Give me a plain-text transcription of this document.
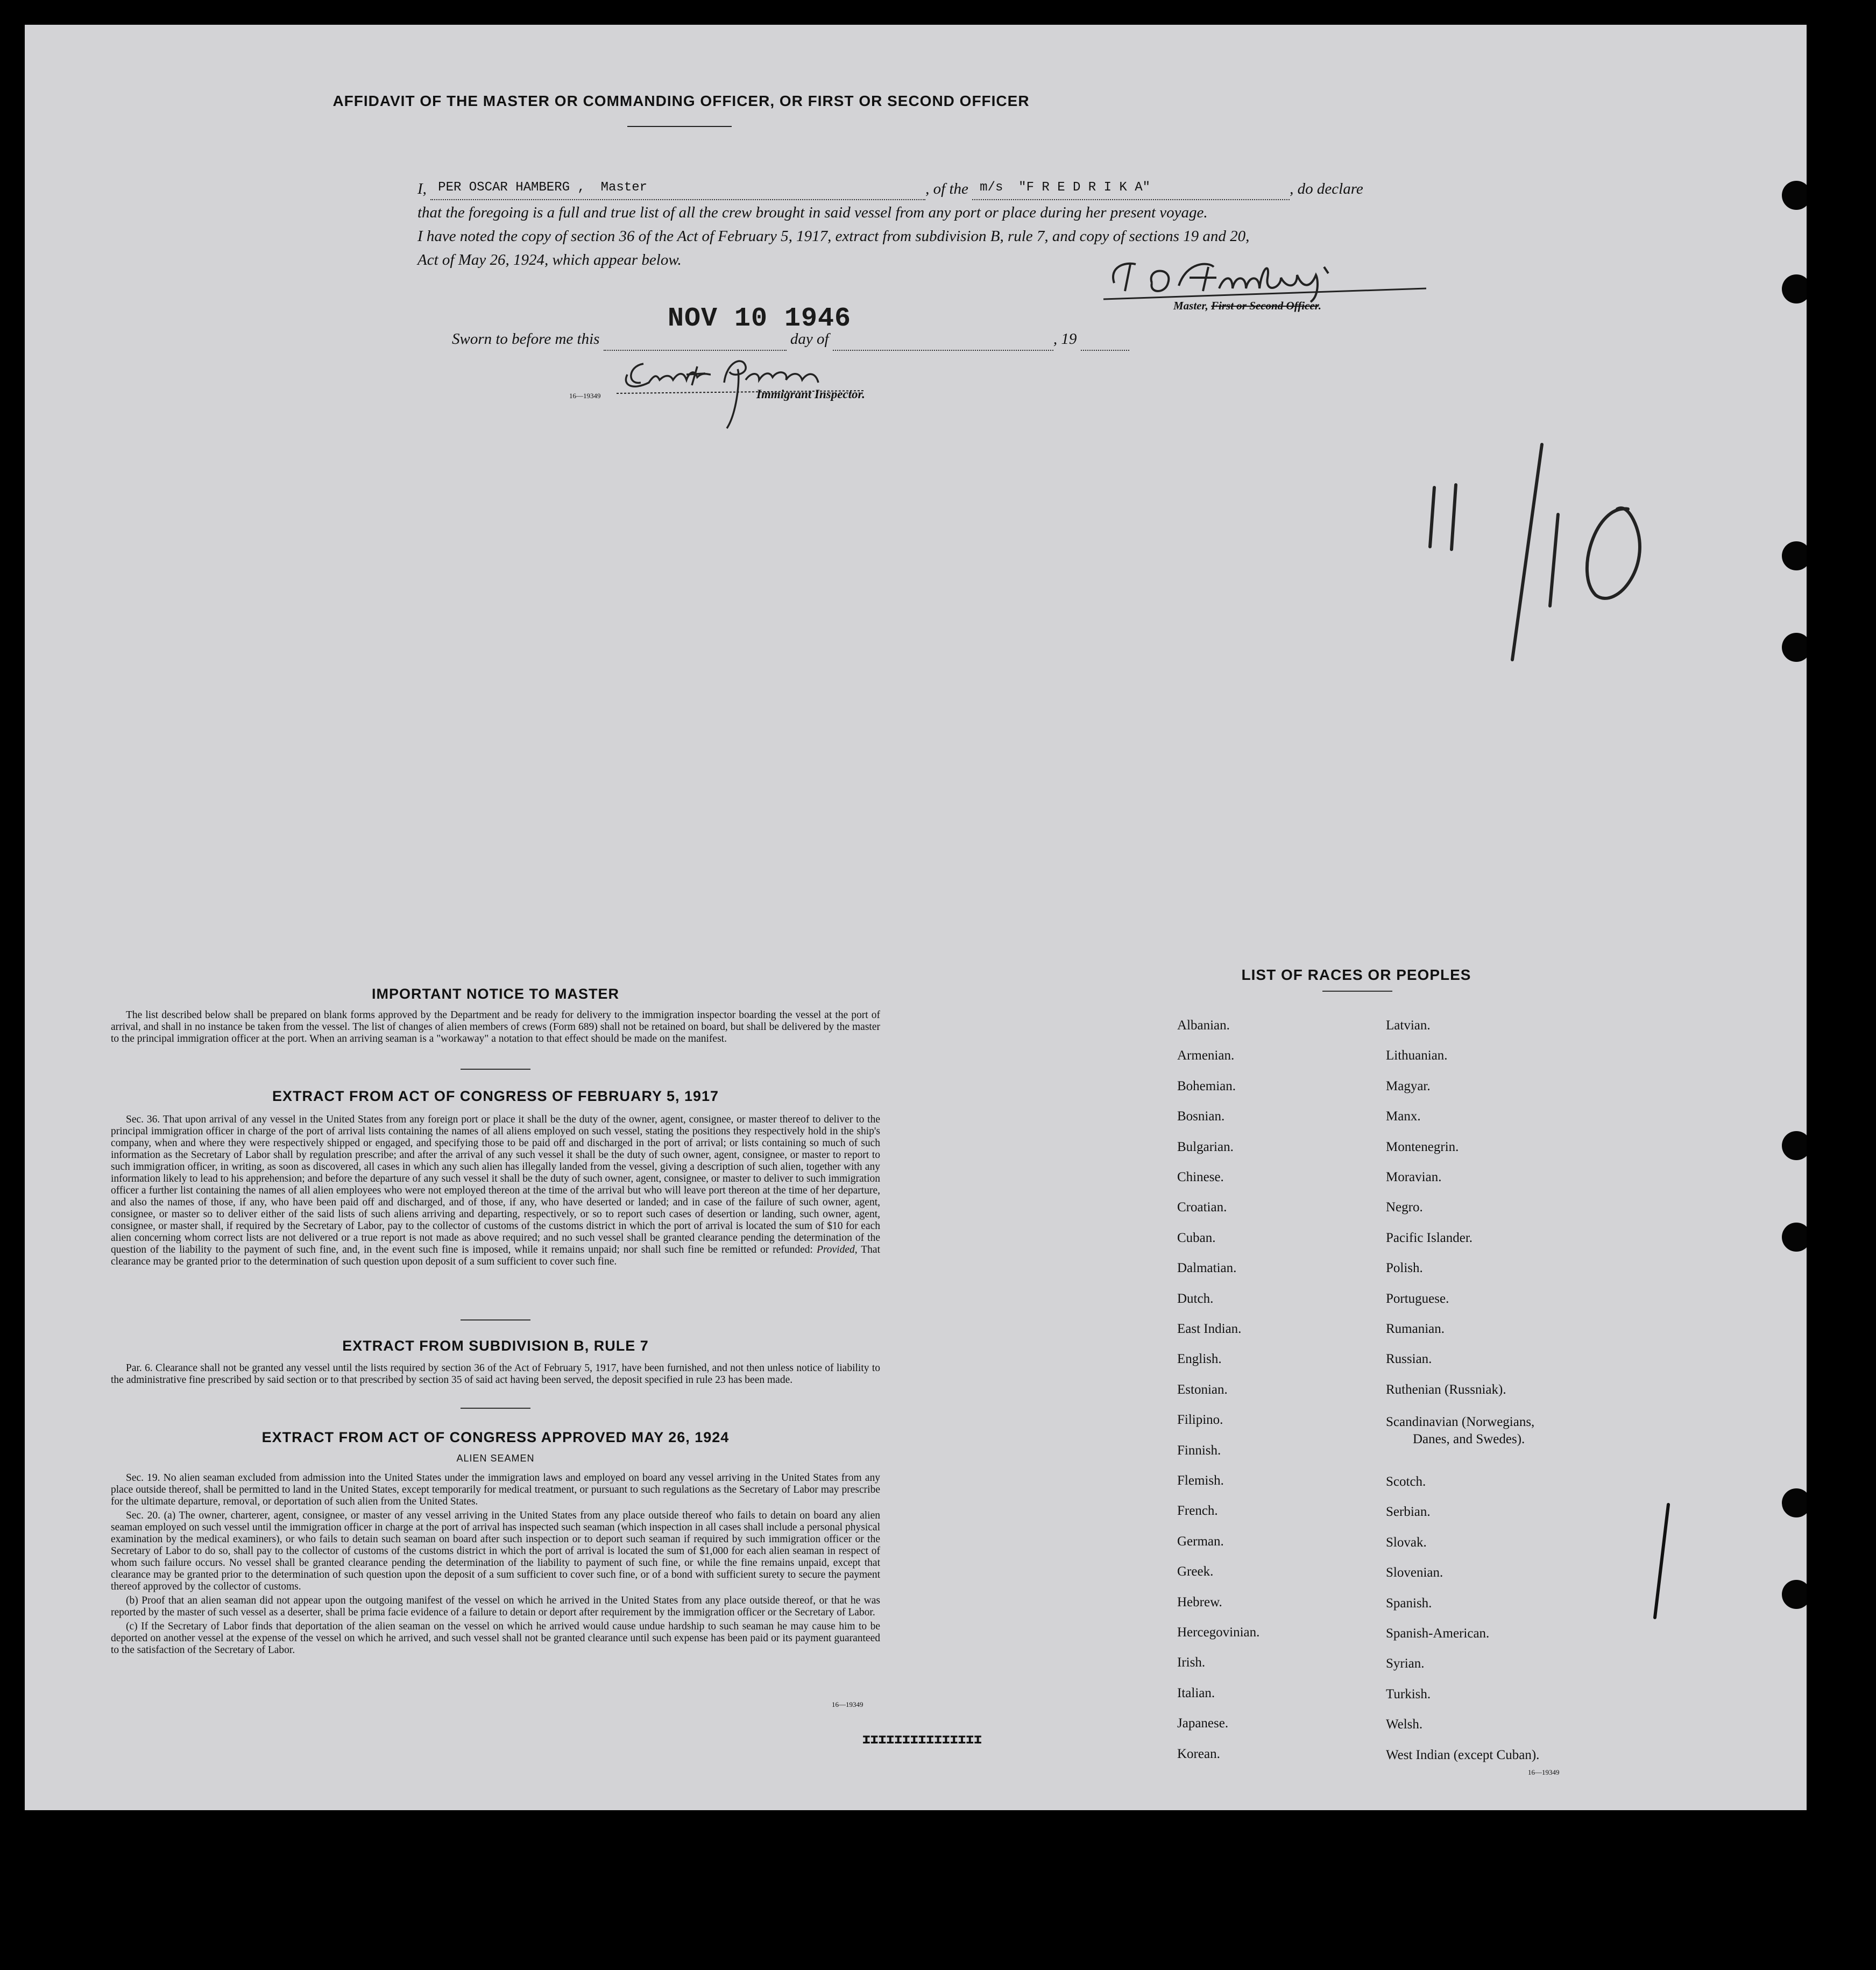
AFFIDAVIT OF THE MASTER OR COMMANDING OFFICER, OR FIRST OR SECOND OFFICER
I, PER OSCAR HAMBERG ,  Master	, of the m/s  "F R E D R I K A"	, do declare
that the foregoing is a full and true list of all the crew brought in said vessel from any port or place during her present voyage.
I have noted the copy of section 36 of the Act of February 5, 1917, extract from subdivision B, rule 7, and copy of sections 19 and 20,
Act of May 26, 1924, which appear below.
Master, First or Second Officer.
Sworn to before me this	day of	, 19
NOV 10 1946
16—19349	Immigrant Inspector.
IMPORTANT NOTICE TO MASTER

The list described below shall be prepared on blank forms approved by the Department and be ready for delivery to the immigration inspector boarding the vessel at the port of arrival, and shall in no instance be taken from the vessel. The list of changes of alien members of crews (Form 689) shall not be retained on board, but shall be delivered by the master to the principal immigration officer at the port. When an arriving seaman is a "workaway" a notation to that effect should be made on the manifest.

EXTRACT FROM ACT OF CONGRESS OF FEBRUARY 5, 1917

Sec. 36. That upon arrival of any vessel in the United States from any foreign port or place it shall be the duty of the owner, agent, consignee, or master thereof to deliver to the principal immigration officer in charge of the port of arrival lists containing the names of all aliens employed on such vessel, stating the positions they respectively hold in the ship's company, when and where they were respectively shipped or engaged, and specifying those to be paid off and discharged in the port of arrival; or lists containing so much of such information as the Secretary of Labor shall by regulation prescribe; and after the arrival of any such vessel it shall be the duty of such owner, agent, consignee, or master to report to such immigration officer, in writing, as soon as discovered, all cases in which any such alien has illegally landed from the vessel, giving a description of such alien, together with any information likely to lead to his apprehension; and before the departure of any such vessel it shall be the duty of such owner, agent, consignee, or master to deliver to such immigration officer a further list containing the names of all alien employees who were not employed thereon at the time of the arrival but who will leave port thereon at the time of her departure, and also the names of those, if any, who have been paid off and discharged, and of those, if any, who have deserted or landed; and in case of the failure of such owner, agent, consignee, or master so to deliver either of the said lists of such aliens arriving and departing, respectively, or so to report such cases of desertion or landing, such owner, agent, consignee, or master shall, if required by the Secretary of Labor, pay to the collector of customs of the customs district in which the port of arrival is located the sum of $10 for each alien concerning whom correct lists are not delivered or a true report is not made as above required; and no such vessel shall be granted clearance pending the determination of the question of the liability to the payment of such fine, and, in the event such fine is imposed, while it remains unpaid; nor shall such fine be remitted or refunded: Provided, That clearance may be granted prior to the determination of such question upon deposit of a sum sufficient to cover such fine.

EXTRACT FROM SUBDIVISION B, RULE 7

Par. 6. Clearance shall not be granted any vessel until the lists required by section 36 of the Act of February 5, 1917, have been furnished, and not then unless notice of liability to the administrative fine prescribed by said section or to that prescribed by section 35 of said act having been served, the deposit specified in rule 23 has been made.

EXTRACT FROM ACT OF CONGRESS APPROVED MAY 26, 1924
ALIEN SEAMEN

Sec. 19. No alien seaman excluded from admission into the United States under the immigration laws and employed on board any vessel arriving in the United States from any place outside thereof, shall be permitted to land in the United States, except temporarily for medical treatment, or pursuant to such regulations as the Secretary of Labor may prescribe for the ultimate departure, removal, or deportation of such alien from the United States.

Sec. 20. (a) The owner, charterer, agent, consignee, or master of any vessel arriving in the United States from any place outside thereof who fails to detain on board any alien seaman employed on such vessel until the immigration officer in charge at the port of arrival has inspected such seaman (which inspection in all cases shall include a personal physical examination by the medical examiners), or who fails to detain such seaman on board after such inspection or to deport such seaman if required by such immigration officer or the Secretary of Labor to do so, shall pay to the collector of customs of the customs district in which the port of arrival is located the sum of $1,000 for each alien seaman in respect of whom such failure occurs. No vessel shall be granted clearance pending the determination of the liability to payment of such fine, or while the fine remains unpaid, except that clearance may be granted prior to the determination of such question upon the deposit of a sum sufficient to cover such fine, or of a bond with sufficient surety to secure the payment thereof approved by the collector of customs.

(b) Proof that an alien seaman did not appear upon the outgoing manifest of the vessel on which he arrived in the United States from any place outside thereof, or that he was reported by the master of such vessel as a deserter, shall be prima facie evidence of a failure to detain or deport after requirement by the immigration officer or the Secretary of Labor.

(c) If the Secretary of Labor finds that deportation of the alien seaman on the vessel on which he arrived would cause undue hardship to such seaman he may cause him to be deported on another vessel at the expense of the vessel on which he arrived, and such vessel shall not be granted clearance until such expense has been paid or its payment guaranteed to the satisfaction of the Secretary of Labor.

16—19349
ɪɪɪɪɪɪɪɪɪɪɪɪɪɪɪ
LIST OF RACES OR PEOPLES
16—19349
Albanian.
Armenian.
Bohemian.
Bosnian.
Bulgarian.
Chinese.
Croatian.
Cuban.
Dalmatian.
Dutch.
East Indian.
English.
Estonian.
Filipino.
Finnish.
Flemish.
French.
German.
Greek.
Hebrew.
Hercegovinian.
Irish.
Italian.
Japanese.
Korean.
Latvian.
Lithuanian.
Magyar.
Manx.
Montenegrin.
Moravian.
Negro.
Pacific Islander.
Polish.
Portuguese.
Rumanian.
Russian.
Ruthenian (Russniak).
Scandinavian (Norwegians,
Danes, and Swedes).
Scotch.
Serbian.
Slovak.
Slovenian.
Spanish.
Spanish-American.
Syrian.
Turkish.
Welsh.
West Indian (except Cuban).
